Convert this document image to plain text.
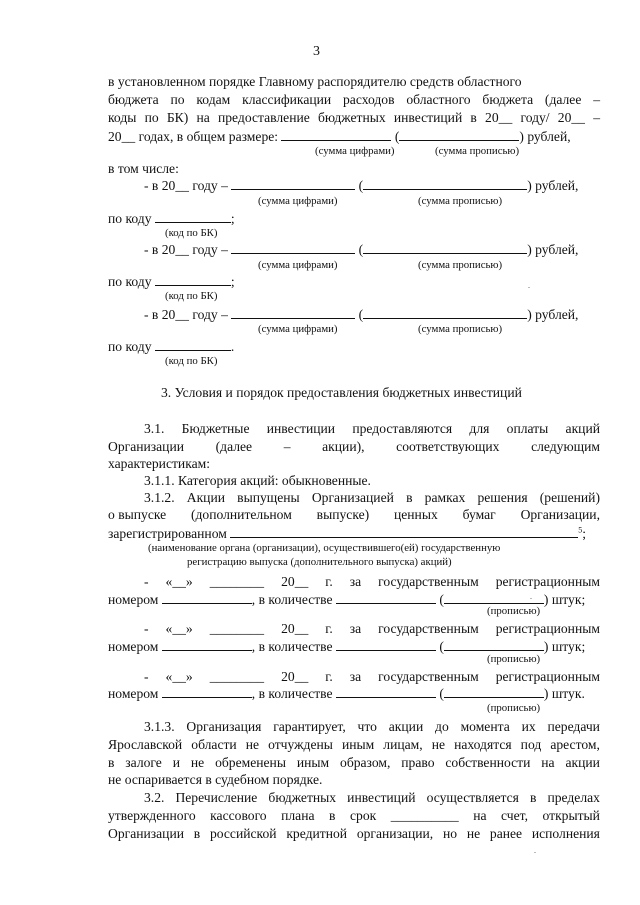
3
в установленном порядке Главному распорядителю средств областного
бюджета по кодам классификации расходов областного бюджета (далее –
коды по БК) на предоставление бюджетных инвестиций в 20__ году/ 20__ –
20__ годах, в общем размере:	(	) рублей,
(сумма цифрами)	(сумма прописью)
в том числе:
- в 20__ году –	(	) рублей,
(сумма цифрами)	(сумма прописью)
по коду	;
(код по БК)
- в 20__ году –	(	) рублей,
(сумма цифрами)	(сумма прописью)
по коду	;
(код по БК)
- в 20__ году –	(	) рублей,
(сумма цифрами)	(сумма прописью)
по коду	.
(код по БК)
3. Условия и порядок предоставления бюджетных инвестиций
3.1. Бюджетные инвестиции предоставляются для оплаты акций
Организации (далее – акции), соответствующих следующим
характеристикам:
3.1.1. Категория акций: обыкновенные.
3.1.2. Акции выпущены Организацией в рамках решения (решений)
о выпуске (дополнительном выпуске) ценных бумаг Организации,
зарегистрированном	$^5$;
(наименование органа (организации), осуществившего(ей) государственную
регистрацию выпуска (дополнительного выпуска) акций)
- «__» ________ 20__ г. за государственным регистрационным
номером	, в количестве	(	) штук;
(прописью)
- «__» ________ 20__ г. за государственным регистрационным
номером	, в количестве	(	) штук;
(прописью)
- «__» ________ 20__ г. за государственным регистрационным
номером	, в количестве	(	) штук.
(прописью)
3.1.3. Организация гарантирует, что акции до момента их передачи
Ярославской области не отчуждены иным лицам, не находятся под арестом,
в залоге и не обременены иным образом, право собственности на акции
не оспаривается в судебном порядке.
3.2. Перечисление бюджетных инвестиций осуществляется в пределах
утвержденного кассового плана в срок __________ на счет, открытый
Организации в российской кредитной организации, но не ранее исполнения
